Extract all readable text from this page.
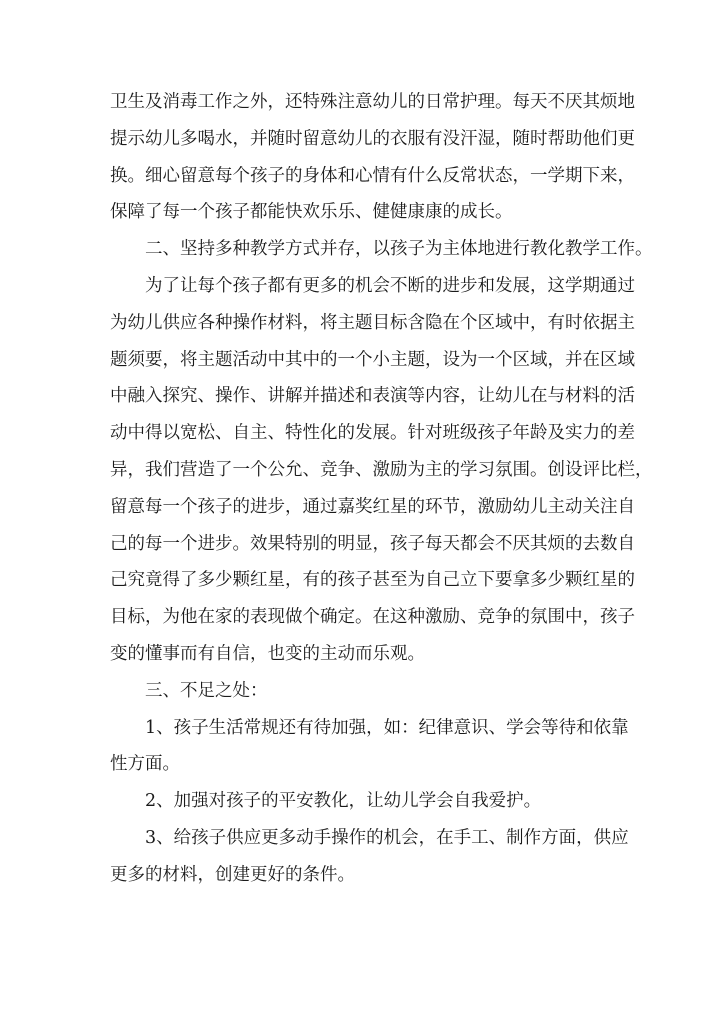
卫生及消毒工作之外，还特殊注意幼儿的日常护理。每天不厌其烦地
提示幼儿多喝水，并随时留意幼儿的衣服有没汗湿，随时帮助他们更
换。细心留意每个孩子的身体和心情有什么反常状态，一学期下来，
保障了每一个孩子都能快欢乐乐、健健康康的成长。
二、坚持多种教学方式并存，以孩子为主体地进行教化教学工作。
为了让每个孩子都有更多的机会不断的进步和发展，这学期通过
为幼儿供应各种操作材料，将主题目标含隐在个区域中，有时依据主
题须要，将主题活动中其中的一个小主题，设为一个区域，并在区域
中融入探究、操作、讲解并描述和表演等内容，让幼儿在与材料的活
动中得以宽松、自主、特性化的发展。针对班级孩子年龄及实力的差
异，我们营造了一个公允、竞争、激励为主的学习氛围。创设评比栏，
留意每一个孩子的进步，通过嘉奖红星的环节，激励幼儿主动关注自
己的每一个进步。效果特别的明显，孩子每天都会不厌其烦的去数自
己究竟得了多少颗红星，有的孩子甚至为自己立下要拿多少颗红星的
目标，为他在家的表现做个确定。在这种激励、竞争的氛围中，孩子
变的懂事而有自信，也变的主动而乐观。
三、不足之处：
1、孩子生活常规还有待加强，如：纪律意识、学会等待和依靠
性方面。
2、加强对孩子的平安教化，让幼儿学会自我爱护。
3、给孩子供应更多动手操作的机会，在手工、制作方面，供应
更多的材料，创建更好的条件。
